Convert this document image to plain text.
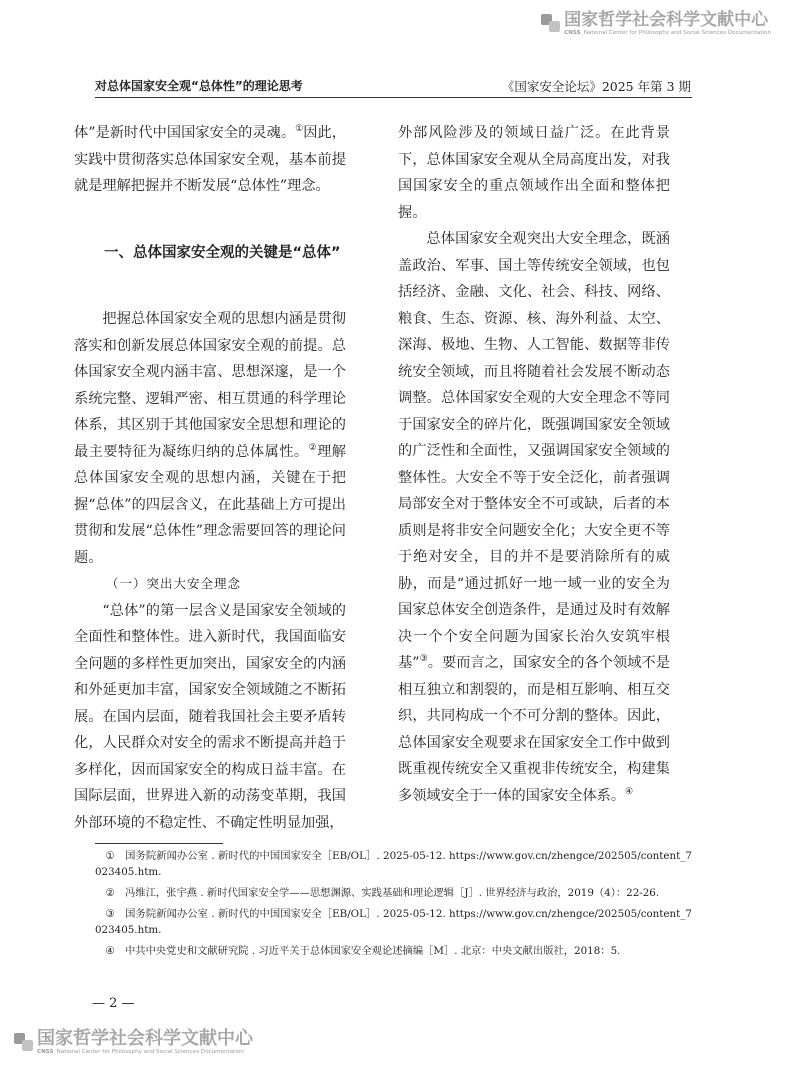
国家哲学社会科学文献中心
CNSS National Center for Philosophy and Social Sciences Documentation
对总体国家安全观“总体性”的理论思考	《国家安全论坛》2025 年第 3 期

体”是新时代中国国家安全的灵魂。①因此，实践中贯彻落实总体国家安全观，基本前提就是理解把握并不断发展“总体性”理念。

一、总体国家安全观的关键是“总体”

把握总体国家安全观的思想内涵是贯彻落实和创新发展总体国家安全观的前提。总体国家安全观内涵丰富、思想深邃，是一个系统完整、逻辑严密、相互贯通的科学理论体系，其区别于其他国家安全思想和理论的最主要特征为凝练归纳的总体属性。②理解总体国家安全观的思想内涵，关键在于把握“总体”的四层含义，在此基础上方可提出贯彻和发展“总体性”理念需要回答的理论问题。

（一）突出大安全理念

“总体”的第一层含义是国家安全领域的全面性和整体性。进入新时代，我国面临安全问题的多样性更加突出，国家安全的内涵和外延更加丰富，国家安全领域随之不断拓展。在国内层面，随着我国社会主要矛盾转化，人民群众对安全的需求不断提高并趋于多样化，因而国家安全的构成日益丰富。在国际层面，世界进入新的动荡变革期，我国外部环境的不稳定性、不确定性明显加强，

外部风险涉及的领域日益广泛。在此背景下，总体国家安全观从全局高度出发，对我国国家安全的重点领域作出全面和整体把握。

总体国家安全观突出大安全理念，既涵盖政治、军事、国土等传统安全领域，也包括经济、金融、文化、社会、科技、网络、粮食、生态、资源、核、海外利益、太空、深海、极地、生物、人工智能、数据等非传统安全领域，而且将随着社会发展不断动态调整。总体国家安全观的大安全理念不等同于国家安全的碎片化，既强调国家安全领域的广泛性和全面性，又强调国家安全领域的整体性。大安全不等于安全泛化，前者强调局部安全对于整体安全不可或缺，后者的本质则是将非安全问题安全化；大安全更不等于绝对安全，目的并不是要消除所有的威胁，而是“通过抓好一地一域一业的安全为国家总体安全创造条件，是通过及时有效解决一个个安全问题为国家长治久安筑牢根基”③。要而言之，国家安全的各个领域不是相互独立和割裂的，而是相互影响、相互交织，共同构成一个不可分割的整体。因此，总体国家安全观要求在国家安全工作中做到既重视传统安全又重视非传统安全，构建集多领域安全于一体的国家安全体系。④

① 国务院新闻办公室 . 新时代的中国国家安全［EB/OL］. 2025-05-12. https://www.gov.cn/zhengce/202505/content_7023405.htm.
② 冯维江，张宇燕 . 新时代国家安全学——思想渊源、实践基础和理论逻辑［J］. 世界经济与政治，2019（4）：22-26.
③ 国务院新闻办公室 . 新时代的中国国家安全［EB/OL］. 2025-05-12. https://www.gov.cn/zhengce/202505/content_7023405.htm.
④ 中共中央党史和文献研究院 . 习近平关于总体国家安全观论述摘编［M］. 北京：中央文献出版社，2018：5.
— 2 —
国家哲学社会科学文献中心
CNSS National Center for Philosophy and Social Sciences Documentation
